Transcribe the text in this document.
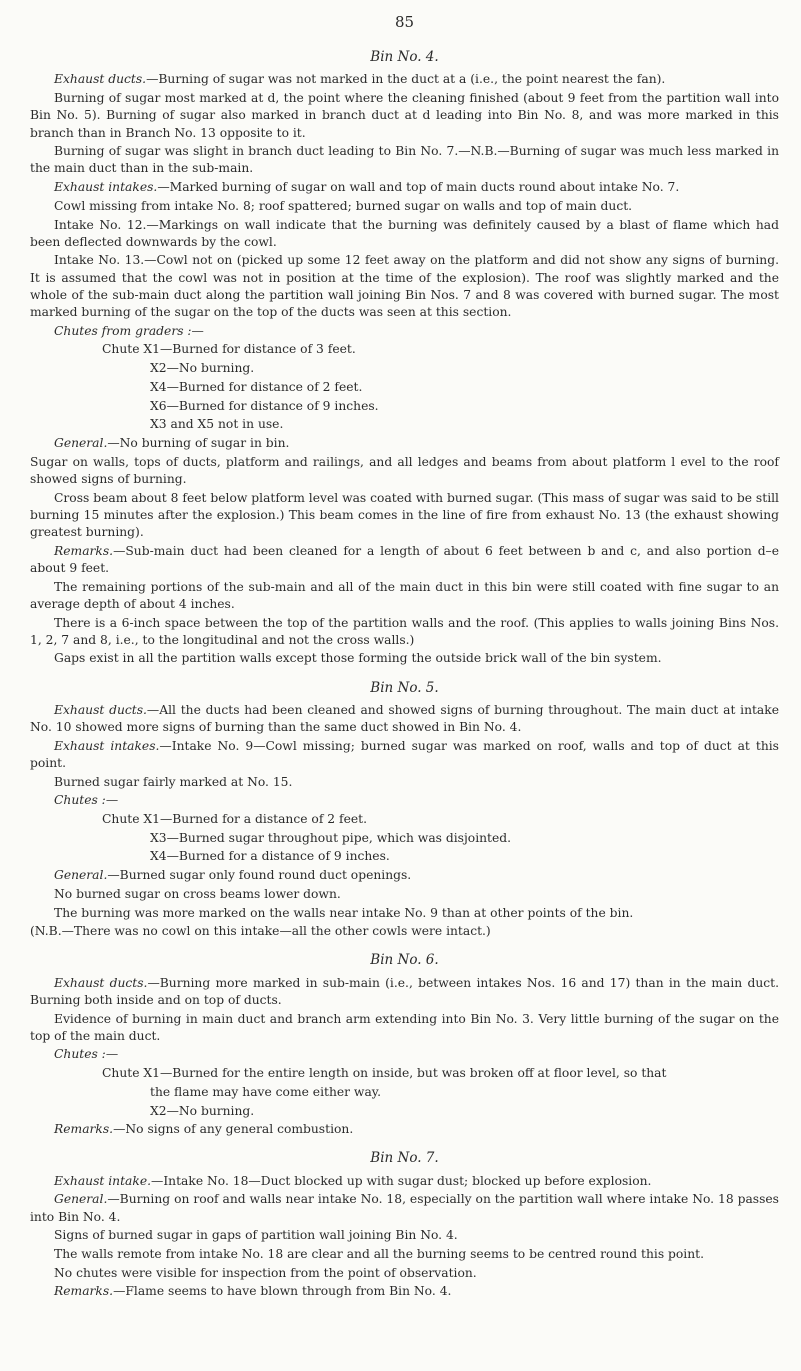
85
Bin No. 4.

Exhaust ducts.—Burning of sugar was not marked in the duct at a (i.e., the point nearest the fan).

Burning of sugar most marked at d, the point where the cleaning finished (about 9 feet from the partition wall into Bin No. 5). Burning of sugar also marked in branch duct at d leading into Bin No. 8, and was more marked in this branch than in Branch No. 13 opposite to it.

Burning of sugar was slight in branch duct leading to Bin No. 7.—N.B.—Burning of sugar was much less marked in the main duct than in the sub-main.

Exhaust intakes.—Marked burning of sugar on wall and top of main ducts round about intake No. 7.

Cowl missing from intake No. 8; roof spattered; burned sugar on walls and top of main duct.

Intake No. 12.—Markings on wall indicate that the burning was definitely caused by a blast of flame which had been deflected downwards by the cowl.

Intake No. 13.—Cowl not on (picked up some 12 feet away on the platform and did not show any signs of burning. It is assumed that the cowl was not in position at the time of the explosion). The roof was slightly marked and the whole of the sub-main duct along the partition wall joining Bin Nos. 7 and 8 was covered with burned sugar. The most marked burning of the sugar on the top of the ducts was seen at this section.

Chutes from graders :—

Chute X1—Burned for distance of 3 feet.

X2—No burning.

X4—Burned for distance of 2 feet.

X6—Burned for distance of 9 inches.

X3 and X5 not in use.

General.—No burning of sugar in bin.

Sugar on walls, tops of ducts, platform and railings, and all ledges and beams from about platform l evel to the roof showed signs of burning.

Cross beam about 8 feet below platform level was coated with burned sugar. (This mass of sugar was said to be still burning 15 minutes after the explosion.) This beam comes in the line of fire from exhaust No. 13 (the exhaust showing greatest burning).

Remarks.—Sub-main duct had been cleaned for a length of about 6 feet between b and c, and also portion d–e about 9 feet.

The remaining portions of the sub-main and all of the main duct in this bin were still coated with fine sugar to an average depth of about 4 inches.

There is a 6-inch space between the top of the partition walls and the roof. (This applies to walls joining Bins Nos. 1, 2, 7 and 8, i.e., to the longitudinal and not the cross walls.)

Gaps exist in all the partition walls except those forming the outside brick wall of the bin system.

Bin No. 5.

Exhaust ducts.—All the ducts had been cleaned and showed signs of burning throughout. The main duct at intake No. 10 showed more signs of burning than the same duct showed in Bin No. 4.

Exhaust intakes.—Intake No. 9—Cowl missing; burned sugar was marked on roof, walls and top of duct at this point.

Burned sugar fairly marked at No. 15.

Chutes :—

Chute X1—Burned for a distance of 2 feet.

X3—Burned sugar throughout pipe, which was disjointed.

X4—Burned for a distance of 9 inches.

General.—Burned sugar only found round duct openings.

No burned sugar on cross beams lower down.

The burning was more marked on the walls near intake No. 9 than at other points of the bin.

(N.B.—There was no cowl on this intake—all the other cowls were intact.)

Bin No. 6.

Exhaust ducts.—Burning more marked in sub-main (i.e., between intakes Nos. 16 and 17) than in the main duct. Burning both inside and on top of ducts.

Evidence of burning in main duct and branch arm extending into Bin No. 3. Very little burning of the sugar on the top of the main duct.

Chutes :—

Chute X1—Burned for the entire length on inside, but was broken off at floor level, so that

the flame may have come either way.

X2—No burning.

Remarks.—No signs of any general combustion.

Bin No. 7.

Exhaust intake.—Intake No. 18—Duct blocked up with sugar dust; blocked up before explosion.

General.—Burning on roof and walls near intake No. 18, especially on the partition wall where intake No. 18 passes into Bin No. 4.

Signs of burned sugar in gaps of partition wall joining Bin No. 4.

The walls remote from intake No. 18 are clear and all the burning seems to be centred round this point.

No chutes were visible for inspection from the point of observation.

Remarks.—Flame seems to have blown through from Bin No. 4.
